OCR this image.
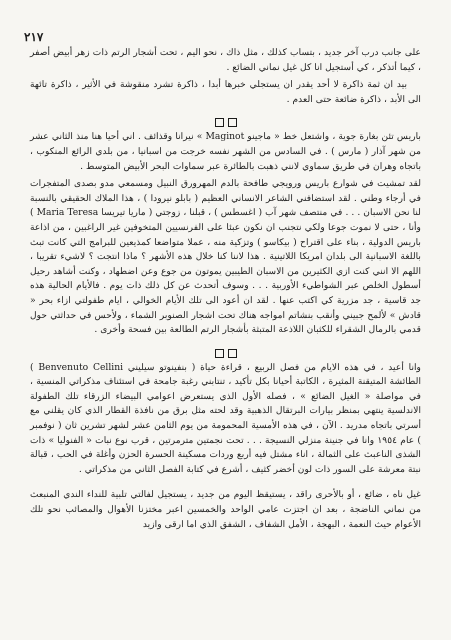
٢١٧

على جانب درب آخر جديد ، بتساب كذلك ، مثل ذاك ، نحو اليم ، تحت أشجار الرتم ذات زهر أبيض أصفر ، كيما أتذكر ، كي أستجيل انا كل غيل نماني الضائع .

بيد ان ثمة ذاكرة لا أحد يقدر ان يستجلي خبرها أبدا ، ذاكرة تشرد منقوشة في الأثير ، ذاكرة تائهة الى الأبد ، ذاكرة ضائعة حتى العدم .

باريس تئن بغارة جوية ، واشتعل خط « ماجينو Maginot » نيرانا وقذائف . اني أحيا هنا منذ الثاني عشر من شهر آذار ( مارس ) . في السادس من الشهر نفسه خرجت من اسبانيا ، من بلدي الرائع المنكوب ، باتجاه وهران في طريق سماوي لانني ذهبت بالطائرة عبر سماوات البحر الأبيض المتوسط .

لقد تمشيت في شوارع باريس ورويجي طافحة بالدم المهرورق النبيل ومسمعي مدو بصدى المتفجرات في أرجاء وطني . لقد استضافني الشاعر الانساني العظيم ( بابلو نيرودا ) ، هذا الملاك الحقيقي بالنسبة لنا نحن الاسبان . . . في منتصف شهر آب ( اغسطس ) ، قبلنا ، زوجتي ( ماريا تيريسا Maria Teresa ) وأنا ، حتى لا نموت جوعا ولكي نتجنب ان نكون عبئا على الفرنسيين المتخوفين غير الراغبين ، من اذاعة باريس الدولية ، بناء على اقتراح ( بيكاسو ) وتزكية منه ، عملا متواضعا كمذيعين للبرامج التي كانت تبث باللغة الاسبانية الى بلدان امريكا اللاتينية . هذا لاننا كنا خلال هذه الأشهر ؟ ماذا انتجت ؟ لاشيء تقريبا ، اللهم الا انني كنت ازي الكثيرين من الاسبان الطيبين يموتون من جوع وعن اضطهاد ، وكنت أشاهد رحيل أسطول الخلص عبر الشواطيء الأوربية . . . وسوف أتحدث عن كل ذلك ذات يوم . فالأيام الحالية هذه جد قاسية ، جد مزرية كي اكتب عنها . لقد ان أعود الى تلك الأيام الخوالي ، ايام طفولتي ازاء بحر « قادش » لألمح جبيني وأنقب بنشاتم امواجه هناك تحت اشجار الصنوبر الشماء ، ولأحس في حداثتي حول قدمي بالرمال الشقراء للكثبان اللاذعة المتبثة بأشجار الرتم الطالعة بين فسحة وأخرى .

وانا أعيد ، في هذه الايام من فصل الربيع ، قراءة حياة ( بنفينوتو سيليني Benvenuto Cellini ) الطائشة المتيقنة المثيرة ، الكاتبة أحيانا بكل تأكيد ، تنتابني رغبة جامحة في استئناف مذكراتي المنسية ، في مواصلة « الغيل الضائع » ، فصله الأول الذي يستعرض اعوامي البيضاء الزرقاء تلك الطفولة الاندلسية ينتهي بمنظر بيارات البرتقال الذهبية وقد لحته مثل برق من نافذة القطار الذي كان يقلني مع أسرتي باتجاه مدريد . الآن ، في هذه الأمسية المحمومة من يوم الثامن عشر لشهر تشرين ثان ( نوفمبر ) عام ١٩٥٤ وانا في جنينة منزلي النسيجة . . . تحت نجمتين مترمرتين ، قرب نوع نبات « الفنوليا » ذات الشذى الناعبث على الثمالة ، اناء مشتل فيه أربع وردات مسكينة الحسرة الحزن وأغلة في الحب ، قبالة نبتة معرشة على السور ذات لون أخضر كثيف ، أشرع في كتابة الفصل الثاني من مذكراتي .

غيل ناه ، ضائع ، أو بالأحرى راقد ، يستيقظ اليوم من جديد ، يستجيل لفالتي تلبية للنداء الندي المنبعث من نماني الناضجة ، بعد ان اجتزت عامي الواحد والخمسين اعبر مختزنا الأهوال والمصائب نحو تلك الأعوام حيث النعمة ، البهجة ، الأمل الشفاف ، الشفق الذي اما ارقى وازيد
